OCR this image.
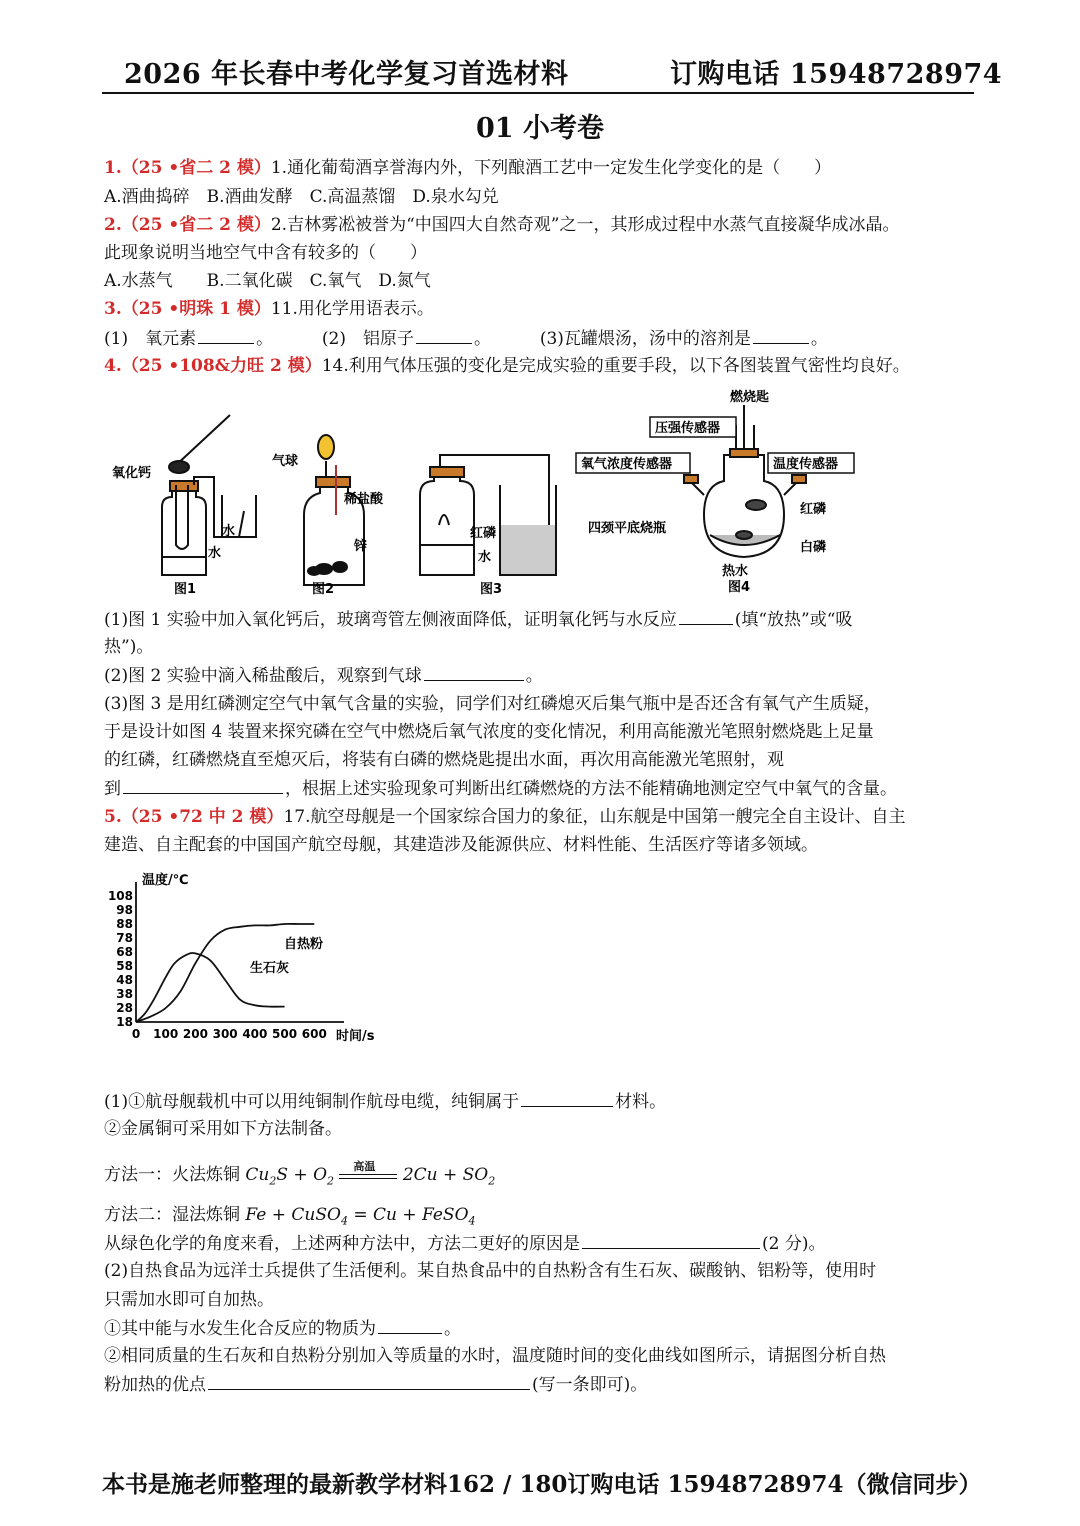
2026 年长春中考化学复习首选材料	订购电话 15948728974
01 小考卷
1.（25 •省二 2 模）1.通化葡萄酒享誉海内外，下列酿酒工艺中一定发生化学变化的是（　　）
A.酒曲捣碎　B.酒曲发酵　C.高温蒸馏　D.泉水勾兑
2.（25 •省二 2 模）2.吉林雾凇被誉为“中国四大自然奇观”之一，其形成过程中水蒸气直接凝华成冰晶。
此现象说明当地空气中含有较多的（　　）
A.水蒸气　　B.二氧化碳　C.氧气　D.氮气
3.（25 •明珠 1 模）11.用化学用语表示。
(1)　氧元素	。	(2)　铝原子	。	(3)瓦罐煨汤，汤中的溶剂是	。
4.（25 •108&力旺 2 模）14.利用气体压强的变化是完成实验的重要手段，以下各图装置气密性均良好。
氧化钙
水
水
图1
气球
稀盐酸
锌
图2
红磷
水
图3
燃烧匙
压强传感器
氧气浓度传感器	温度传感器
四颈平底烧瓶
红磷
白磷
热水
图4
(1)图 1 实验中加入氧化钙后，玻璃弯管左侧液面降低，证明氧化钙与水反应	(填“放热”或“吸
热”)。
(2)图 2 实验中滴入稀盐酸后，观察到气球	。
(3)图 3 是用红磷测定空气中氧气含量的实验，同学们对红磷熄灭后集气瓶中是否还含有氧气产生质疑，
于是设计如图 4 装置来探究磷在空气中燃烧后氧气浓度的变化情况，利用高能激光笔照射燃烧匙上足量
的红磷，红磷燃烧直至熄灭后，将装有白磷的燃烧匙提出水面，再次用高能激光笔照射，观
到	，根据上述实验现象可判断出红磷燃烧的方法不能精确地测定空气中氧气的含量。
5.（25 •72 中 2 模）17.航空母舰是一个国家综合国力的象征，山东舰是中国第一艘完全自主设计、自主
建造、自主配套的中国国产航空母舰，其建造涉及能源供应、材料性能、生活医疗等诸多领域。
温度/℃
时间/s
108
98
88
78
68
58
48
38
28
18
0 100 200 300 400 500 600
自热粉
生石灰
(1)①航母舰载机中可以用纯铜制作航母电缆，纯铜属于	材料。
②金属铜可采用如下方法制备。
方法一：火法炼铜 $Cu_2S + O_2$
高温 $2Cu + SO_2$
方法二：湿法炼铜 Fe + CuSO$_4$ = Cu + FeSO$_4$
从绿色化学的角度来看，上述两种方法中，方法二更好的原因是	(2 分)。
(2)自热食品为远洋士兵提供了生活便利。某自热食品中的自热粉含有生石灰、碳酸钠、铝粉等，使用时
只需加水即可自加热。
①其中能与水发生化合反应的物质为	。
②相同质量的生石灰和自热粉分别加入等质量的水时，温度随时间的变化曲线如图所示，请据图分析自热
粉加热的优点	(写一条即可)。
本书是施老师整理的最新教学材料162 / 180订购电话 15948728974（微信同步）
